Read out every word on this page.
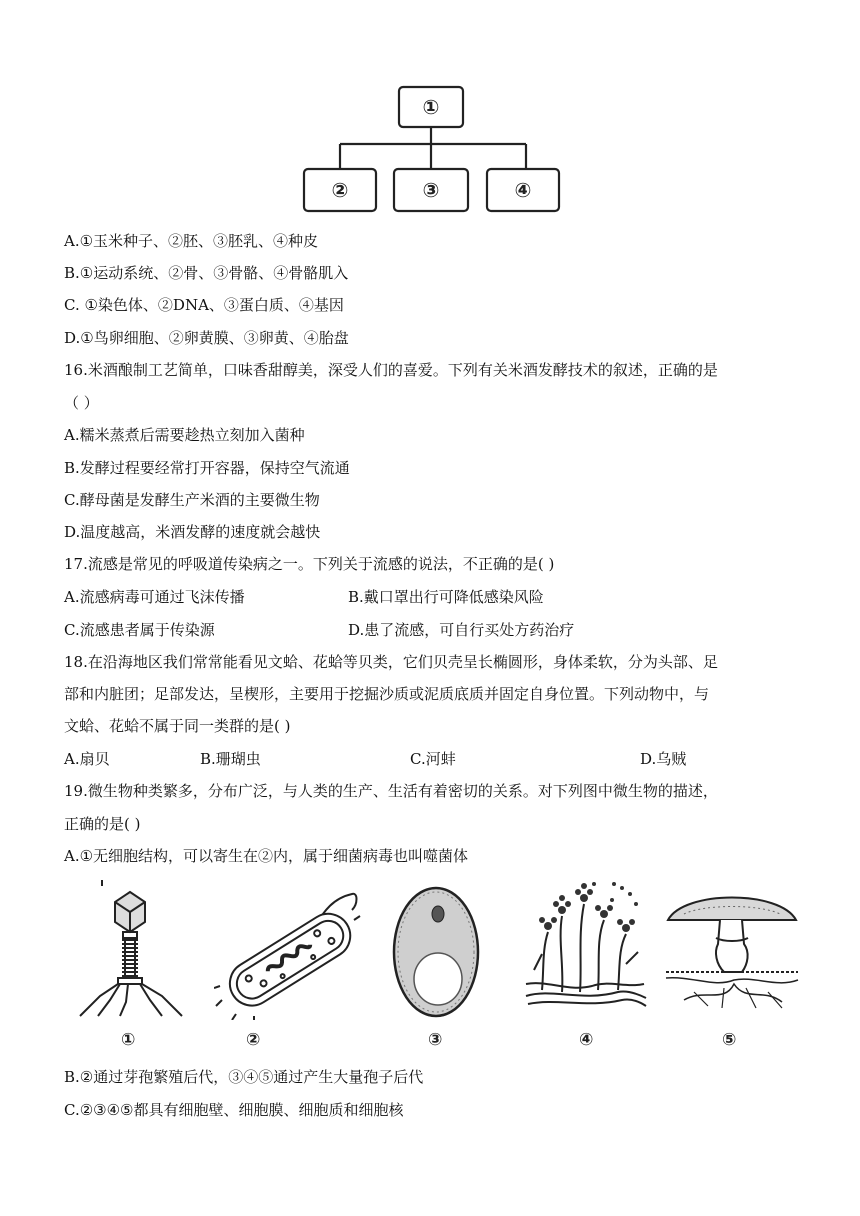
①
②	③	④
A.①玉米种子、②胚、③胚乳、④种皮
B.①运动系统、②骨、③骨骼、④骨骼肌入
C. ①染色体、②DNA、③蛋白质、④基因
D.①鸟卵细胞、②卵黄膜、③卵黄、④胎盘
16.米酒酿制工艺简单，口味香甜醇美，深受人们的喜爱。下列有关米酒发酵技术的叙述，正确的是
（ ）
A.糯米蒸煮后需要趁热立刻加入菌种
B.发酵过程要经常打开容器，保持空气流通
C.酵母菌是发酵生产米酒的主要微生物
D.温度越高，米酒发酵的速度就会越快
17.流感是常见的呼吸道传染病之一。下列关于流感的说法，不正确的是( )
A.流感病毒可通过飞沫传播	B.戴口罩出行可降低感染风险
C.流感患者属于传染源	D.患了流感，可自行买处方药治疗
18.在沿海地区我们常常能看见文蛤、花蛤等贝类，它们贝壳呈长椭圆形，身体柔软，分为头部、足
部和内脏团；足部发达，呈楔形，主要用于挖掘沙质或泥质底质并固定自身位置。下列动物中，与
文蛤、花蛤不属于同一类群的是( )
A.扇贝	B.珊瑚虫	C.河蚌	D.乌贼
19.微生物种类繁多，分布广泛，与人类的生产、生活有着密切的关系。对下列图中微生物的描述，
正确的是( )
A.①无细胞结构，可以寄生在②内，属于细菌病毒也叫噬菌体
①	②	③	④	⑤
B.②通过芽孢繁殖后代，③④⑤通过产生大量孢子后代
C.②③④⑤都具有细胞壁、细胞膜、细胞质和细胞核
